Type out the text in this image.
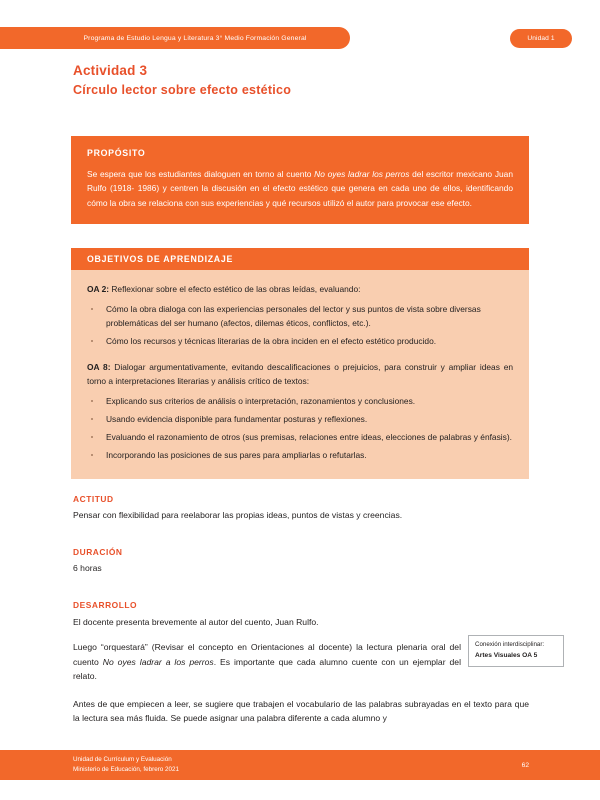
Programa de Estudio Lengua y Literatura 3° Medio Formación General	Unidad 1
Actividad 3
Círculo lector sobre efecto estético
PROPÓSITO

Se espera que los estudiantes dialoguen en torno al cuento No oyes ladrar los perros del escritor mexicano Juan Rulfo (1918- 1986) y centren la discusión en el efecto estético que genera en cada uno de ellos, identificando cómo la obra se relaciona con sus experiencias y qué recursos utilizó el autor para provocar ese efecto.

OBJETIVOS DE APRENDIZAJE

OA 2: Reflexionar sobre el efecto estético de las obras leídas, evaluando:

Cómo la obra dialoga con las experiencias personales del lector y sus puntos de vista sobre diversas problemáticas del ser humano (afectos, dilemas éticos, conflictos, etc.).
Cómo los recursos y técnicas literarias de la obra inciden en el efecto estético producido.

OA 8: Dialogar argumentativamente, evitando descalificaciones o prejuicios, para construir y ampliar ideas en torno a interpretaciones literarias y análisis crítico de textos:

Explicando sus criterios de análisis o interpretación, razonamientos y conclusiones.
Usando evidencia disponible para fundamentar posturas y reflexiones.
Evaluando el razonamiento de otros (sus premisas, relaciones entre ideas, elecciones de palabras y énfasis).
Incorporando las posiciones de sus pares para ampliarlas o refutarlas.
ACTITUD

Pensar con flexibilidad para reelaborar las propias ideas, puntos de vistas y creencias.

DURACIÓN

6 horas

DESARROLLO

El docente presenta brevemente al autor del cuento, Juan Rulfo.

Luego “orquestará” (Revisar el concepto en Orientaciones al docente) la lectura plenaria oral del cuento No oyes ladrar a los perros. Es importante que cada alumno cuente con un ejemplar del relato.

Antes de que empiecen a leer, se sugiere que trabajen el vocabulario de las palabras subrayadas en el texto para que la lectura sea más fluida. Se puede asignar una palabra diferente a cada alumno y

Conexión interdisciplinar:

Artes Visuales OA 5

Unidad de Currículum y Evaluación
Ministerio de Educación, febrero 2021
62
